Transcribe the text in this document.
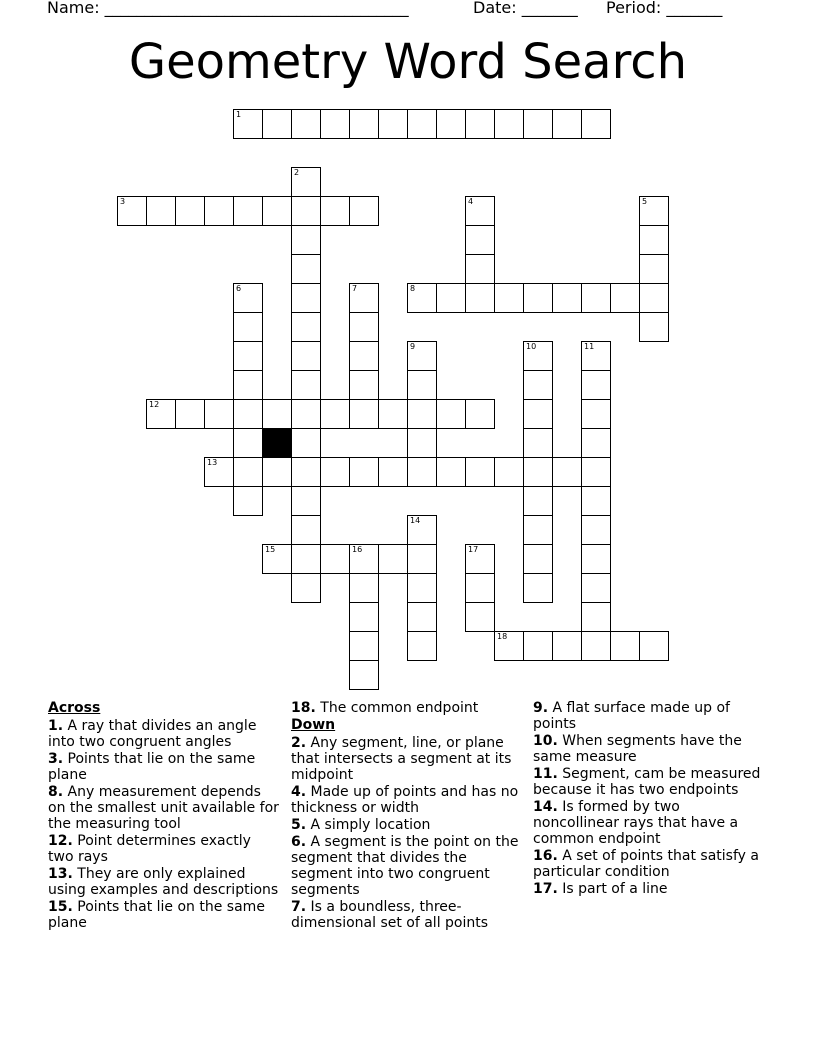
Name: ______________________________________	Date: _______ Period: _______
Geometry Word Search
1
2
3	4	5
6	7	8
9	10	11
12
13
14
15	16	17
18
Across
1. A ray that divides an angle into two congruent angles
3. Points that lie on the same plane
8. Any measurement depends on the smallest unit available for the measuring tool
12. Point determines exactly two rays
13. They are only explained using examples and descriptions
15. Points that lie on the same plane
18. The common endpoint
Down
2. Any segment, line, or plane that intersects a segment at its midpoint
4. Made up of points and has no thickness or width
5. A simply location
6. A segment is the point on the segment that divides the segment into two congruent segments
7. Is a boundless, three-dimensional set of all points
9. A flat surface made up of points
10. When segments have the same measure
11. Segment, cam be measured because it has two endpoints
14. Is formed by two noncollinear rays that have a common endpoint
16. A set of points that satisfy a particular condition
17. Is part of a line
